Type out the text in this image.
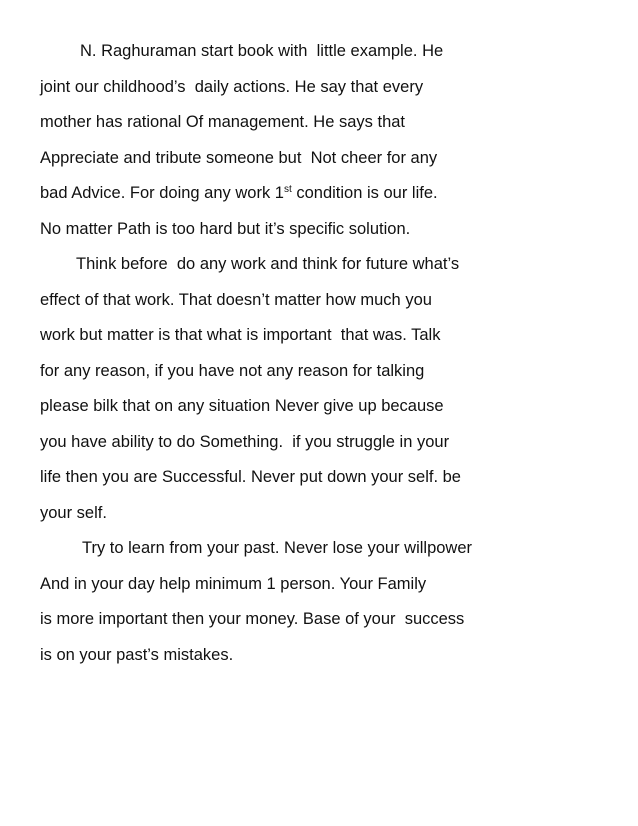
N. Raghuraman start book with  little example. He
joint our childhood’s  daily actions. He say that every
mother has rational Of management. He says that
Appreciate and tribute someone but  Not cheer for any
bad Advice. For doing any work 1st condition is our life.
No matter Path is too hard but it’s specific solution.
Think before  do any work and think for future what’s
effect of that work. That doesn’t matter how much you
work but matter is that what is important  that was. Talk
for any reason, if you have not any reason for talking
please bilk that on any situation Never give up because
you have ability to do Something.  if you struggle in your
life then you are Successful. Never put down your self. be
your self.
Try to learn from your past. Never lose your willpower
And in your day help minimum 1 person. Your Family
is more important then your money. Base of your  success
is on your past’s mistakes.
